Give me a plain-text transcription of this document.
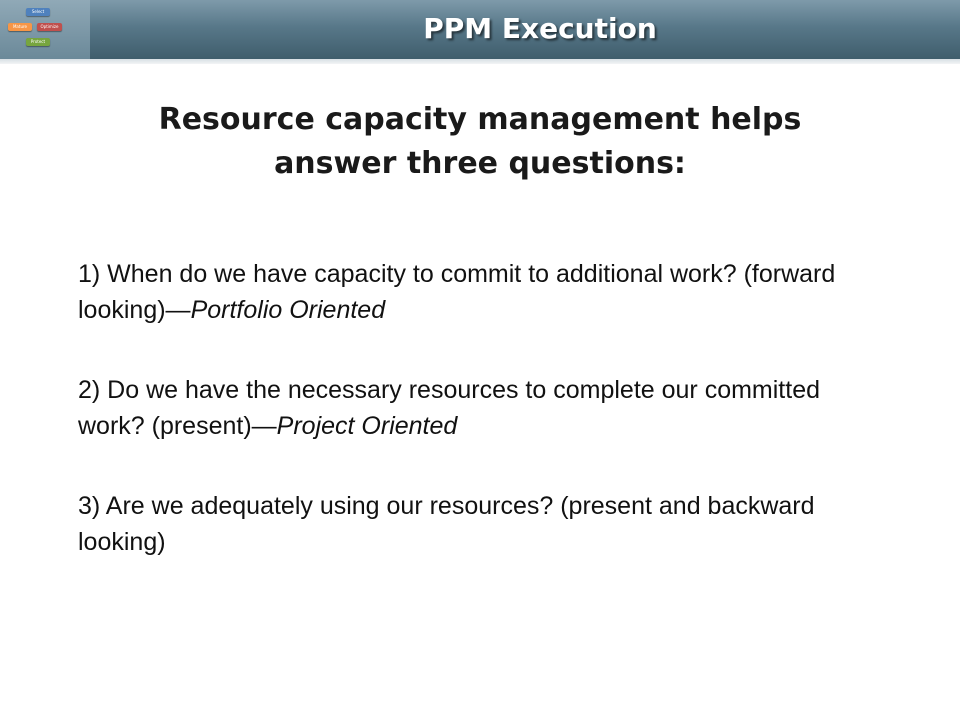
Select
Mature	Optimize
Protect	PPM Execution
Resource capacity management helps
answer three questions:

1) When do we have capacity to commit to additional work? (forward looking)—Portfolio Oriented

2) Do we have the necessary resources to complete our committed work? (present)—Project Oriented

3) Are we adequately using our resources? (present and backward looking)
